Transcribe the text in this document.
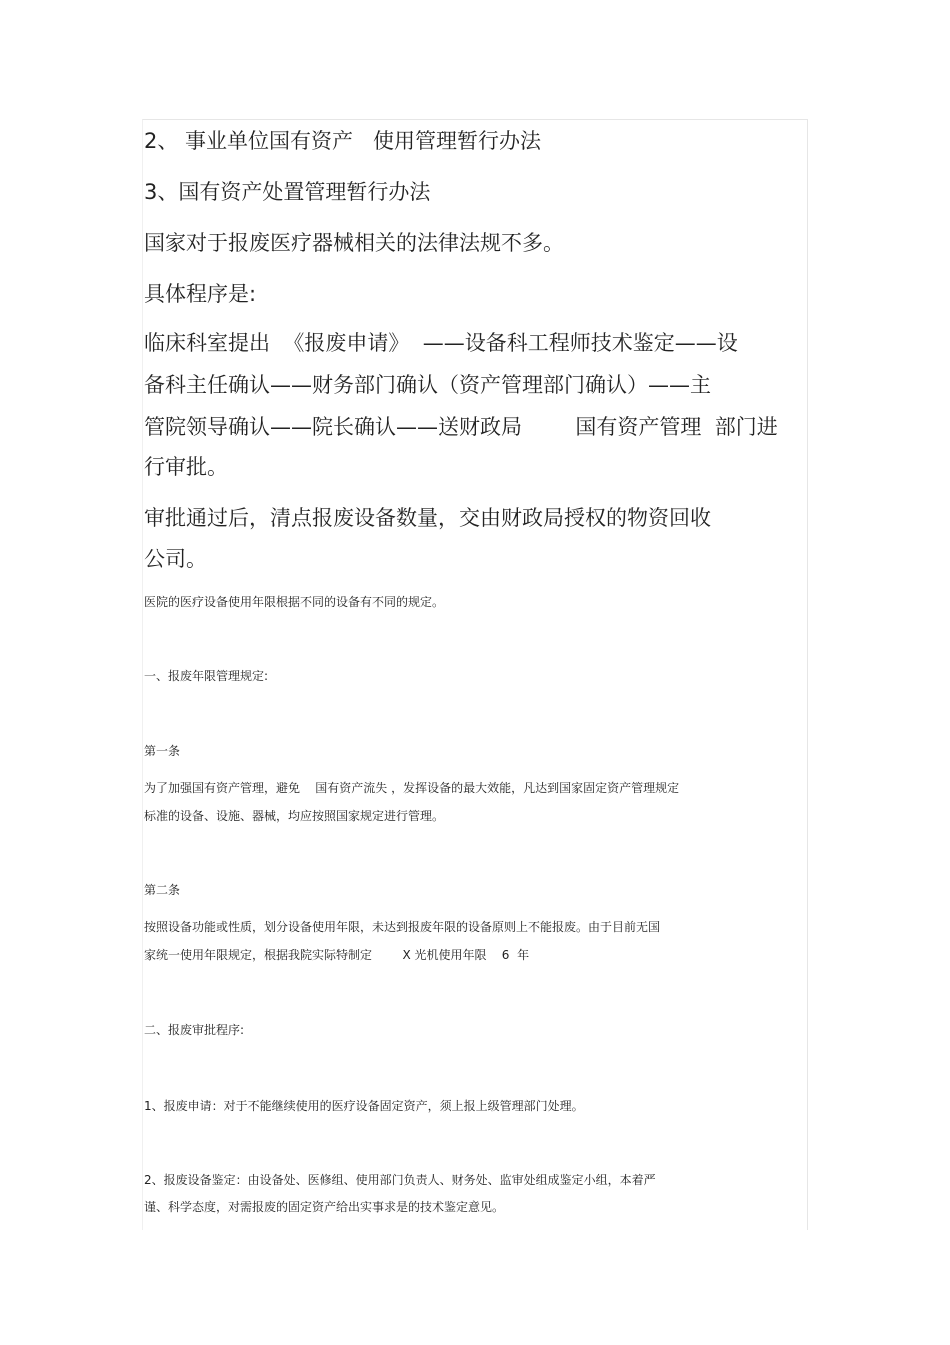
2、 事业单位国有资产   使用管理暂行办法
3、国有资产处置管理暂行办法
国家对于报废医疗器械相关的法律法规不多。
具体程序是:
临床科室提出  《报废申请》  ——设备科工程师技术鉴定——设
备科主任确认——财务部门确认（资产管理部门确认）——主
管院领导确认——院长确认——送财政局        国有资产管理  部门进
行审批。
审批通过后，清点报废设备数量，交由财政局授权的物资回收
公司。
医院的医疗设备使用年限根据不同的设备有不同的规定。
一、报废年限管理规定:
第一条
为了加强国有资产管理，避免    国有资产流失 ，发挥设备的最大效能，凡达到国家固定资产管理规定
标准的设备、设施、器械，均应按照国家规定进行管理。
第二条
按照设备功能或性质，划分设备使用年限，未达到报废年限的设备原则上不能报废。由于目前无国
家统一使用年限规定，根据我院实际特制定        X 光机使用年限    6  年
二、报废审批程序:
1、报废申请：对于不能继续使用的医疗设备固定资产，须上报上级管理部门处理。
2、报废设备鉴定：由设备处、医修组、使用部门负责人、财务处、监审处组成鉴定小组，本着严
谨、科学态度，对需报废的固定资产给出实事求是的技术鉴定意见。
